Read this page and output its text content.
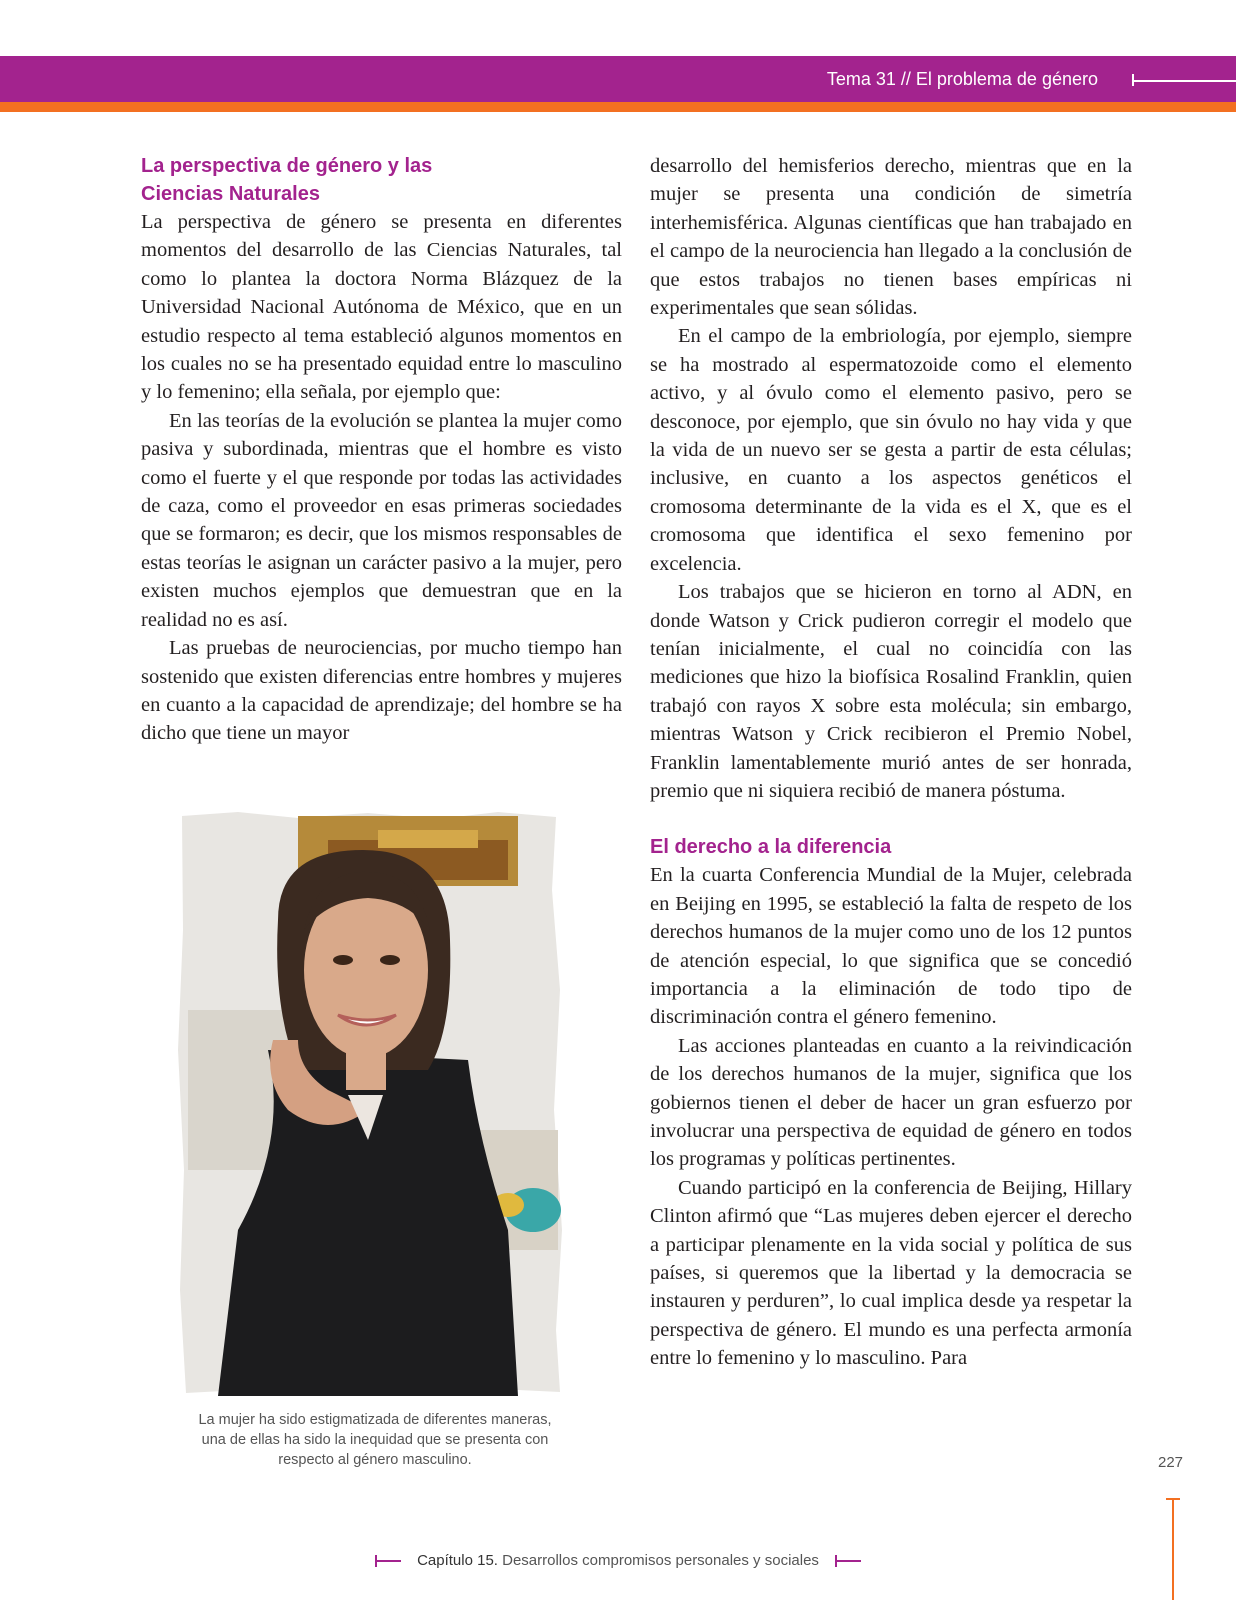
Tema 31 // El problema de género
La perspectiva de género y las
Ciencias Naturales

La perspectiva de género se presenta en diferentes momentos del desarrollo de las Ciencias Naturales, tal como lo plantea la doctora Norma Blázquez de la Universidad Nacional Autónoma de México, que en un estudio respecto al tema estableció algunos momentos en los cuales no se ha presentado equidad entre lo masculino y lo femenino; ella señala, por ejemplo que:

En las teorías de la evolución se plantea la mujer como pasiva y subordinada, mientras que el hombre es visto como el fuerte y el que responde por todas las actividades de caza, como el proveedor en esas primeras sociedades que se formaron; es decir, que los mismos responsables de estas teorías le asignan un carácter pasivo a la mujer, pero existen muchos ejemplos que demuestran que en la realidad no es así.

Las pruebas de neurociencias, por mucho tiempo han sostenido que existen diferencias entre hombres y mujeres en cuanto a la capacidad de aprendizaje; del hombre se ha dicho que tiene un mayor

La mujer ha sido estigmatizada de diferentes maneras, una de ellas ha sido la inequidad que se presenta con respecto al género masculino.

desarrollo del hemisferios derecho, mientras que en la mujer se presenta una condición de simetría interhemisférica. Algunas científicas que han trabajado en el campo de la neurociencia han llegado a la conclusión de que estos trabajos no tienen bases empíricas ni experimentales que sean sólidas.

En el campo de la embriología, por ejemplo, siempre se ha mostrado al espermatozoide como el elemento activo, y al óvulo como el elemento pasivo, pero se desconoce, por ejemplo, que sin óvulo no hay vida y que la vida de un nuevo ser se gesta a partir de esta células; inclusive, en cuanto a los aspectos genéticos el cromosoma determinante de la vida es el X, que es el cromosoma que identifica el sexo femenino por excelencia.

Los trabajos que se hicieron en torno al ADN, en donde Watson y Crick pudieron corregir el modelo que tenían inicialmente, el cual no coincidía con las mediciones que hizo la biofísica Rosalind Franklin, quien trabajó con rayos X sobre esta molécula; sin embargo, mientras Watson y Crick recibieron el Premio Nobel, Franklin lamentablemente murió antes de ser honrada, premio que ni siquiera recibió de manera póstuma.

El derecho a la diferencia

En la cuarta Conferencia Mundial de la Mujer, celebrada en Beijing en 1995, se estableció la falta de respeto de los derechos humanos de la mujer como uno de los 12 puntos de atención especial, lo que significa que se concedió importancia a la eliminación de todo tipo de discriminación contra el género femenino.

Las acciones planteadas en cuanto a la reivindicación de los derechos humanos de la mujer, significa que los gobiernos tienen el deber de hacer un gran esfuerzo por involucrar una perspectiva de equidad de género en todos los programas y políticas pertinentes.

Cuando participó en la conferencia de Beijing, Hillary Clinton afirmó que “Las mujeres deben ejercer el derecho a participar plenamente en la vida social y política de sus países, si queremos que la libertad y la democracia se instauren y perduren”, lo cual implica desde ya respetar la perspectiva de género. El mundo es una perfecta armonía entre lo femenino y lo masculino. Para

227
Capítulo 15. Desarrollos compromisos personales y sociales
